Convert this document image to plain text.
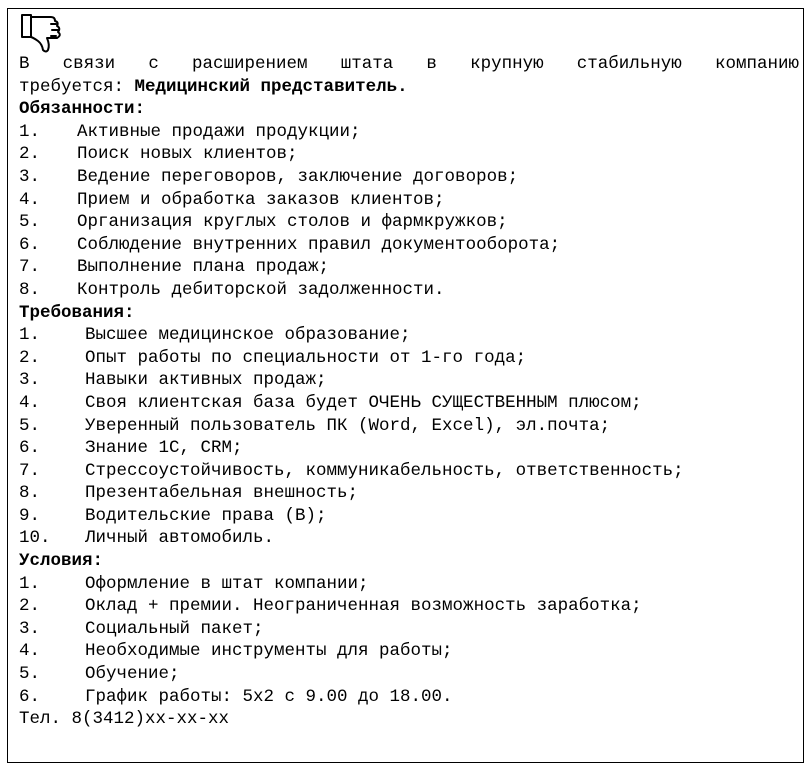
В связи с расширением штата в крупную стабильную компанию
требуется: Медицинский представитель.
Обязанности:
1. Активные продажи продукции;
2. Поиск новых клиентов;
3. Ведение переговоров, заключение договоров;
4. Прием и обработка заказов клиентов;
5. Организация круглых столов и фармкружков;
6. Соблюдение внутренних правил документооборота;
7. Выполнение плана продаж;
8. Контроль дебиторской задолженности.
Требования:
1.	Высшее медицинское образование;
2.	Опыт работы по специальности от 1-го года;
3.	Навыки активных продаж;
4.	Своя клиентская база будет ОЧЕНЬ СУЩЕСТВЕННЫМ плюсом;
5.	Уверенный пользователь ПК (Word, Excel), эл.почта;
6.	Знание 1С, CRM;
7.	Стрессоустойчивость, коммуникабельность, ответственность;
8.	Презентабельная внешность;
9.	Водительские права (В);
10. Личный автомобиль.
Условия:
1.	Оформление в штат компании;
2.	Оклад + премии. Неограниченная возможность заработка;
3.	Социальный пакет;
4.	Необходимые инструменты для работы;
5.	Обучение;
6.	График работы: 5х2 с 9.00 до 18.00.
Тел. 8(3412)xx-xx-xx
